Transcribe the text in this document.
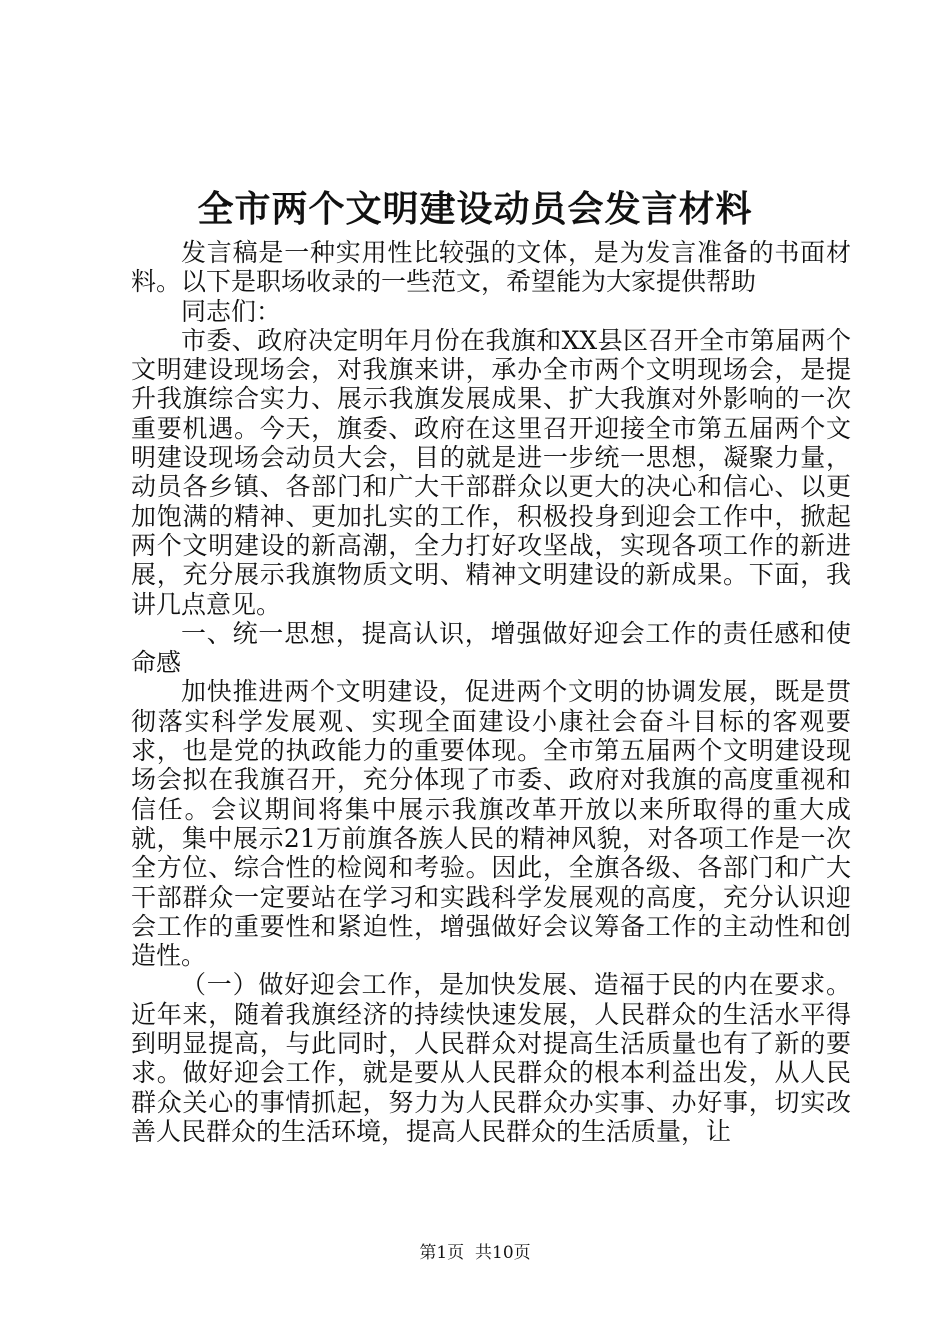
全市两个文明建设动员会发言材料

发言稿是一种实用性比较强的文体，是为发言准备的书面材料。以下是职场收录的一些范文，希望能为大家提供帮助

同志们：

市委、政府决定明年月份在我旗和XX县区召开全市第届两个文明建设现场会，对我旗来讲，承办全市两个文明现场会，是提升我旗综合实力、展示我旗发展成果、扩大我旗对外影响的一次重要机遇。今天，旗委、政府在这里召开迎接全市第五届两个文明建设现场会动员大会，目的就是进一步统一思想，凝聚力量，动员各乡镇、各部门和广大干部群众以更大的决心和信心、以更加饱满的精神、更加扎实的工作，积极投身到迎会工作中，掀起两个文明建设的新高潮，全力打好攻坚战，实现各项工作的新进展，充分展示我旗物质文明、精神文明建设的新成果。下面，我讲几点意见。

一、统一思想，提高认识，增强做好迎会工作的责任感和使命感

加快推进两个文明建设，促进两个文明的协调发展，既是贯彻落实科学发展观、实现全面建设小康社会奋斗目标的客观要求，也是党的执政能力的重要体现。全市第五届两个文明建设现场会拟在我旗召开，充分体现了市委、政府对我旗的高度重视和信任。会议期间将集中展示我旗改革开放以来所取得的重大成就，集中展示21万前旗各族人民的精神风貌，对各项工作是一次全方位、综合性的检阅和考验。因此，全旗各级、各部门和广大干部群众一定要站在学习和实践科学发展观的高度，充分认识迎会工作的重要性和紧迫性，增强做好会议筹备工作的主动性和创造性。

（一）做好迎会工作，是加快发展、造福于民的内在要求。近年来，随着我旗经济的持续快速发展，人民群众的生活水平得到明显提高，与此同时，人民群众对提高生活质量也有了新的要求。做好迎会工作，就是要从人民群众的根本利益出发，从人民群众关心的事情抓起，努力为人民群众办实事、办好事，切实改善人民群众的生活环境，提高人民群众的生活质量，让

第1页 共10页
